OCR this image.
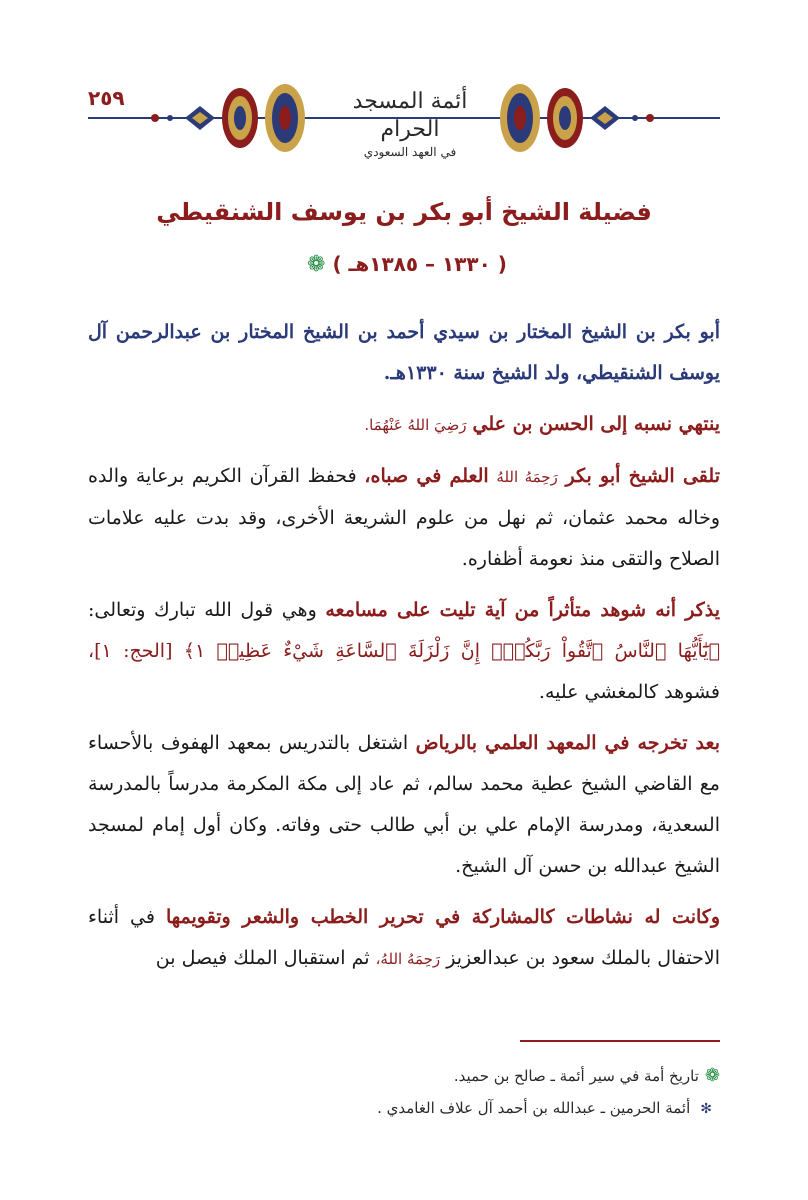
٢٥٩	أئمة المسجد الحرام
في العهد السعودي
فضيلة الشيخ أبو بكر بن يوسف الشنقيطي
( ١٣٣٠ – ١٣٨٥هـ ) ❁

أبو بكر بن الشيخ المختار بن سيدي أحمد بن الشيخ المختار بن عبدالرحمن آل يوسف الشنقيطي، ولد الشيخ سنة ١٣٣٠هـ.

ينتهي نسبه إلى الحسن بن علي رَضِيَ اللهُ عَنْهُمَا.

تلقى الشيخ أبو بكر رَحِمَهُ اللهُ العلم في صباه، فحفظ القرآن الكريم برعاية والده وخاله محمد عثمان، ثم نهل من علوم الشريعة الأخرى، وقد بدت عليه علامات الصلاح والتقى منذ نعومة أظفاره.

يذكر أنه شوهد متأثراً من آية تليت على مسامعه وهي قول الله تبارك وتعالى: ﴿يَٰٓأَيُّهَا ٱلنَّاسُ ٱتَّقُواْ رَبَّكُمْۚ إِنَّ زَلْزَلَةَ ٱلسَّاعَةِ شَيْءٌ عَظِيمٞ ١﴾ [الحج: ١]، فشوهد كالمغشي عليه.

بعد تخرجه في المعهد العلمي بالرياض اشتغل بالتدريس بمعهد الهفوف بالأحساء مع القاضي الشيخ عطية محمد سالم، ثم عاد إلى مكة المكرمة مدرساً بالمدرسة السعدية، ومدرسة الإمام علي بن أبي طالب حتى وفاته. وكان أول إمام لمسجد الشيخ عبدالله بن حسن آل الشيخ.

وكانت له نشاطات كالمشاركة في تحرير الخطب والشعر وتقويمها في أثناء الاحتفال بالملك سعود بن عبدالعزيز رَحِمَهُ اللهُ، ثم استقبال الملك فيصل بن

❁تاريخ أمة في سير أئمة ـ صالح بن حميد.
✻أئمة الحرمين ـ عبدالله بن أحمد آل علاف الغامدي .
